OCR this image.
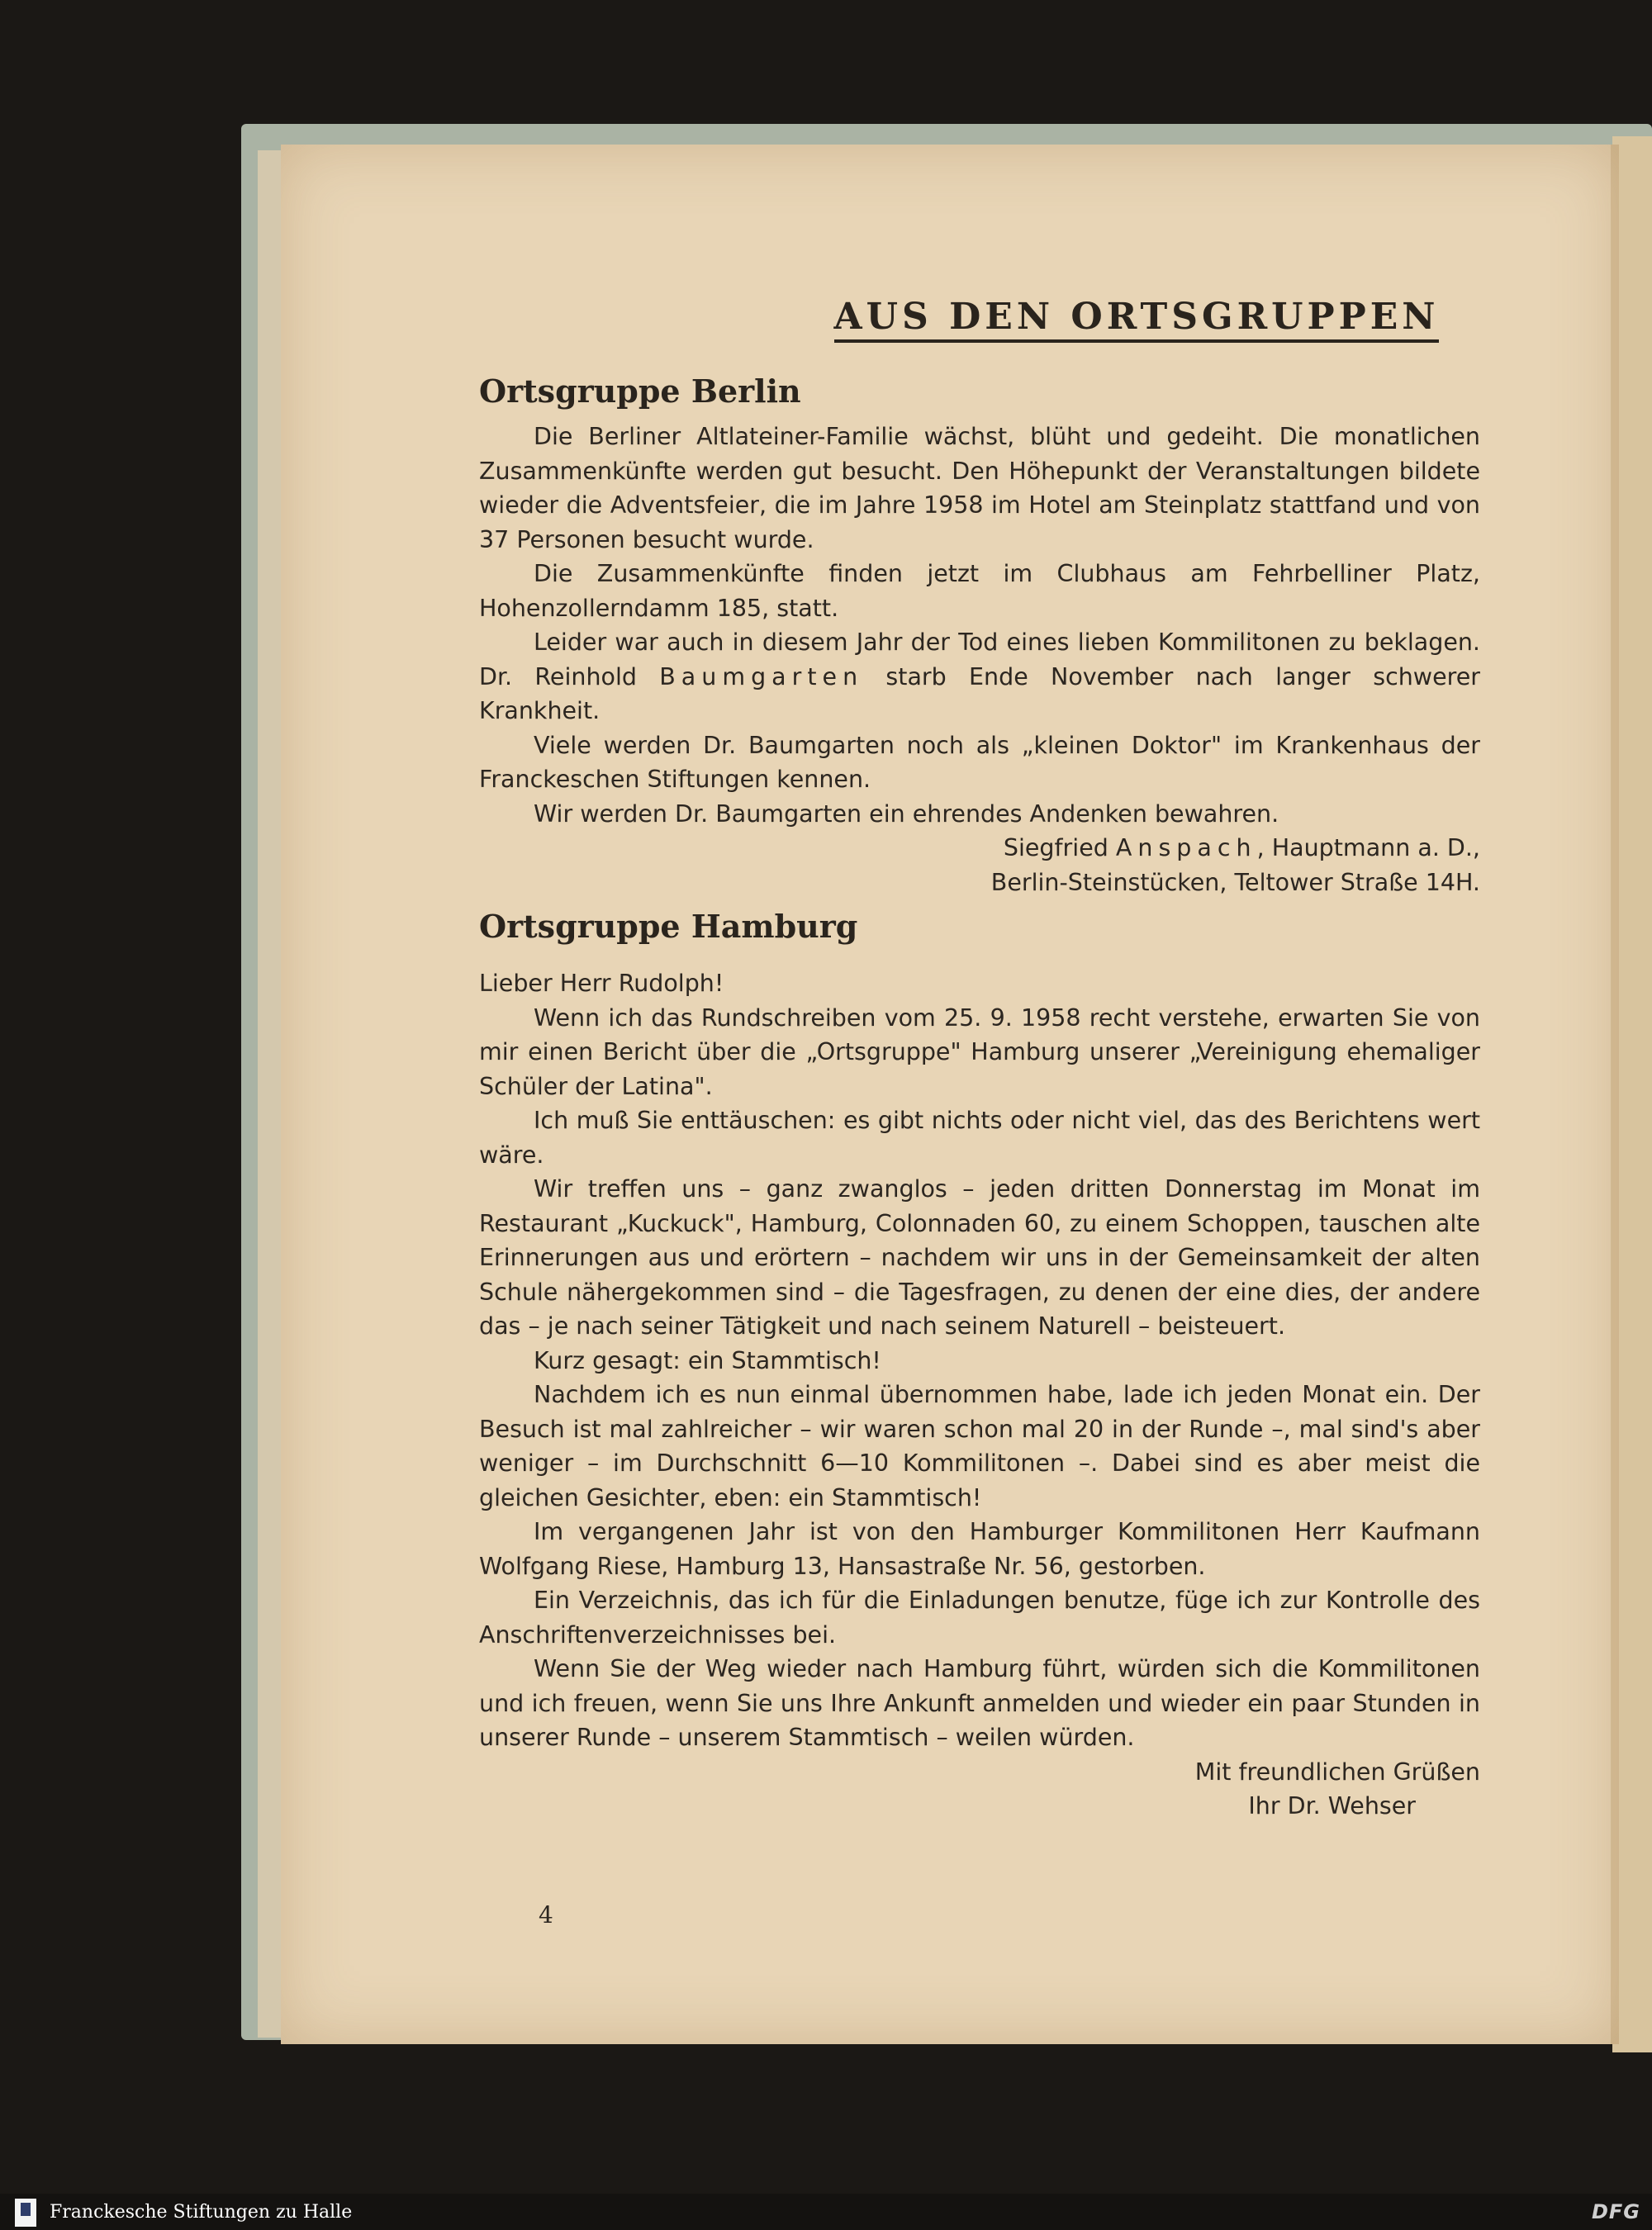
AUS DEN ORTSGRUPPEN
Ortsgruppe Berlin

Die Berliner Altlateiner-Familie wächst, blüht und gedeiht. Die monatlichen Zusammenkünfte werden gut besucht. Den Höhepunkt der Veranstaltungen bildete wieder die Adventsfeier, die im Jahre 1958 im Hotel am Steinplatz stattfand und von 37 Personen besucht wurde.

Die Zusammenkünfte finden jetzt im Clubhaus am Fehrbelliner Platz, Hohenzollerndamm 185, statt.

Leider war auch in diesem Jahr der Tod eines lieben Kommilitonen zu beklagen. Dr. Reinhold Baumgarten starb Ende November nach langer schwerer Krankheit.

Viele werden Dr. Baumgarten noch als „kleinen Doktor" im Krankenhaus der Franckeschen Stiftungen kennen.

Wir werden Dr. Baumgarten ein ehrendes Andenken bewahren.

Siegfried Anspach, Hauptmann a. D.,
Berlin-Steinstücken, Teltower Straße 14H.
Ortsgruppe Hamburg

Lieber Herr Rudolph!

Wenn ich das Rundschreiben vom 25. 9. 1958 recht verstehe, erwarten Sie von mir einen Bericht über die „Ortsgruppe" Hamburg unserer „Vereinigung ehemaliger Schüler der Latina".

Ich muß Sie enttäuschen: es gibt nichts oder nicht viel, das des Berichtens wert wäre.

Wir treffen uns – ganz zwanglos – jeden dritten Donnerstag im Monat im Restaurant „Kuckuck", Hamburg, Colonnaden 60, zu einem Schoppen, tauschen alte Erinnerungen aus und erörtern – nachdem wir uns in der Gemeinsamkeit der alten Schule nähergekommen sind – die Tagesfragen, zu denen der eine dies, der andere das – je nach seiner Tätigkeit und nach seinem Naturell – beisteuert.

Kurz gesagt: ein Stammtisch!

Nachdem ich es nun einmal übernommen habe, lade ich jeden Monat ein. Der Besuch ist mal zahlreicher – wir waren schon mal 20 in der Runde –, mal sind's aber weniger – im Durchschnitt 6—10 Kommilitonen –. Dabei sind es aber meist die gleichen Gesichter, eben: ein Stammtisch!

Im vergangenen Jahr ist von den Hamburger Kommilitonen Herr Kaufmann Wolfgang Riese, Hamburg 13, Hansastraße Nr. 56, gestorben.

Ein Verzeichnis, das ich für die Einladungen benutze, füge ich zur Kontrolle des Anschriftenverzeichnisses bei.

Wenn Sie der Weg wieder nach Hamburg führt, würden sich die Kommilitonen und ich freuen, wenn Sie uns Ihre Ankunft anmelden und wieder ein paar Stunden in unserer Runde – unserem Stammtisch – weilen würden.

Mit freundlichen Grüßen
Ihr Dr. Wehser
4
Franckesche Stiftungen zu Halle	DFG
